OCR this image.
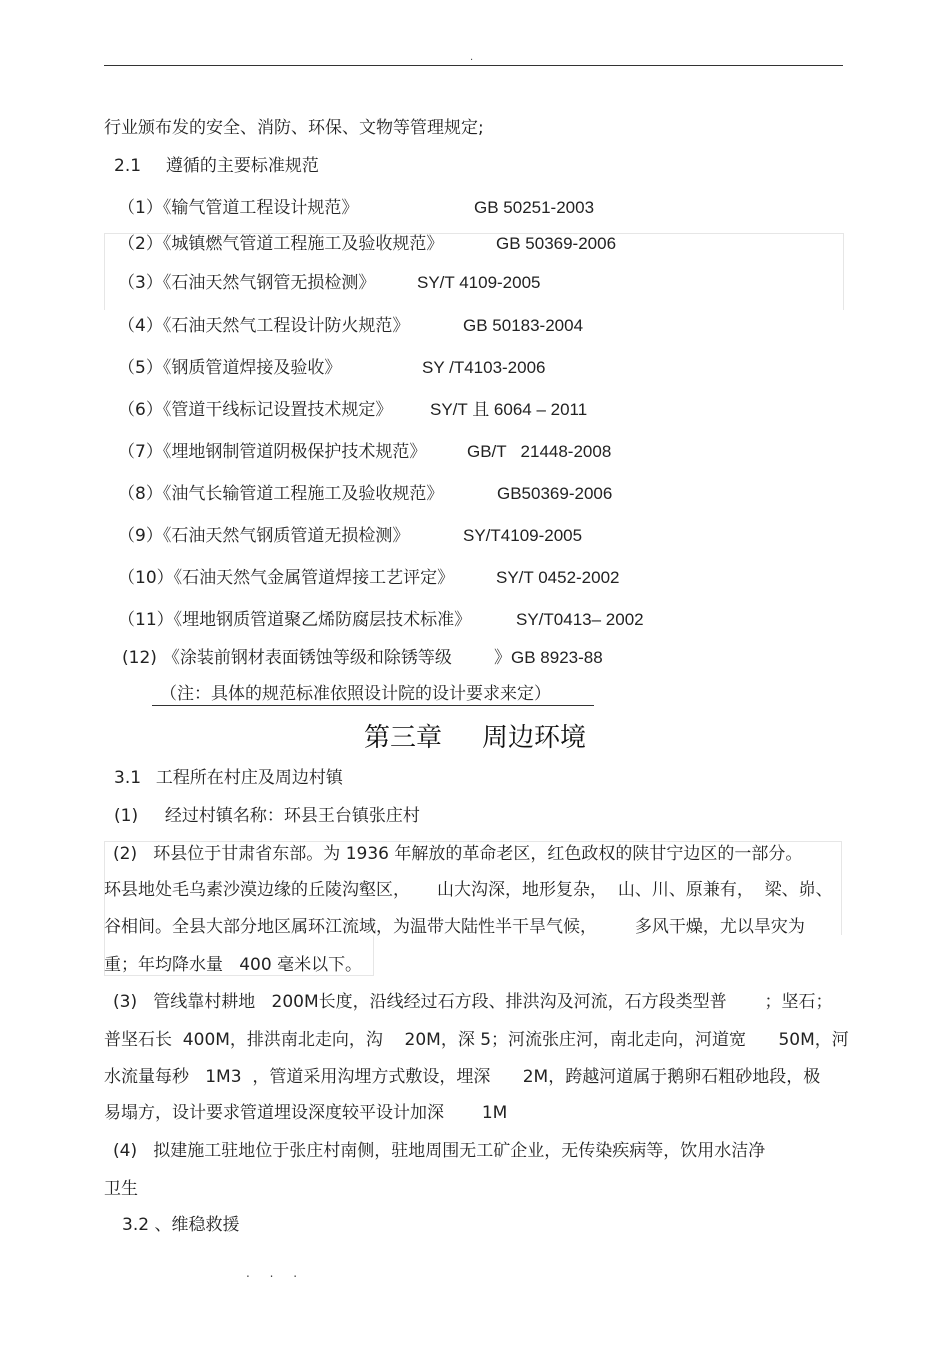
.
行业颁布发的安全、消防、环保、文物等管理规定;
2.1 遵循的主要标准规范
（1）《输气管道工程设计规范》	GB 50251-2003
（2）《城镇燃气管道工程施工及验收规范》	GB 50369-2006
（3）《石油天然气钢管无损检测》 SY/T 4109-2005
（4）《石油天然气工程设计防火规范》	GB 50183-2004
（5）《钢质管道焊接及验收》	SY /T4103-2006
（6）《管道干线标记设置技术规定》 SY/T 且 6064 – 2011
（7）《埋地钢制管道阴极保护技术规范》 GB/T   21448-2008
（8）《油气长输管道工程施工及验收规范》	GB50369-2006
（9）《石油天然气钢质管道无损检测》	SY/T4109-2005
（10）《石油天然气金属管道焊接工艺评定》 SY/T 0452-2002
（11）《埋地钢质管道聚乙烯防腐层技术标准》	SY/T0413– 2002
(12) 《涂装前钢材表面锈蚀等级和除锈等级 》GB 8923-88
（注：具体的规范标准依照设计院的设计要求来定）
第三章 周边环境
3.1 工程所在村庄及周边村镇
(1) 经过村镇名称：环县王台镇张庄村
(2)   环县位于甘肃省东部。为 1936 年解放的革命老区，红色政权的陕甘宁边区的一部分。
环县地处毛乌素沙漠边缘的丘陵沟壑区，     山大沟深，地形复杂，  山、川、原兼有，  梁、峁、
谷相间。全县大部分地区属环江流域，为温带大陆性半干旱气候，       多风干燥，尤以旱灾为
重；年均降水量   400 毫米以下。
(3)   管线靠村耕地   200M长度，沿线经过石方段、排洪沟及河流，石方段类型普       ；坚石；
普坚石长  400M，排洪南北走向，沟    20M，深 5；河流张庄河，南北走向，河道宽      50M，河
水流量每秒   1M3  ，管道采用沟埋方式敷设，埋深      2M，跨越河道属于鹅卵石粗砂地段，极
易塌方，设计要求管道埋设深度较平设计加深       1M
(4)   拟建施工驻地位于张庄村南侧，驻地周围无工矿企业，无传染疾病等，饮用水洁净
卫生
3.2 、维稳救援
. . .
